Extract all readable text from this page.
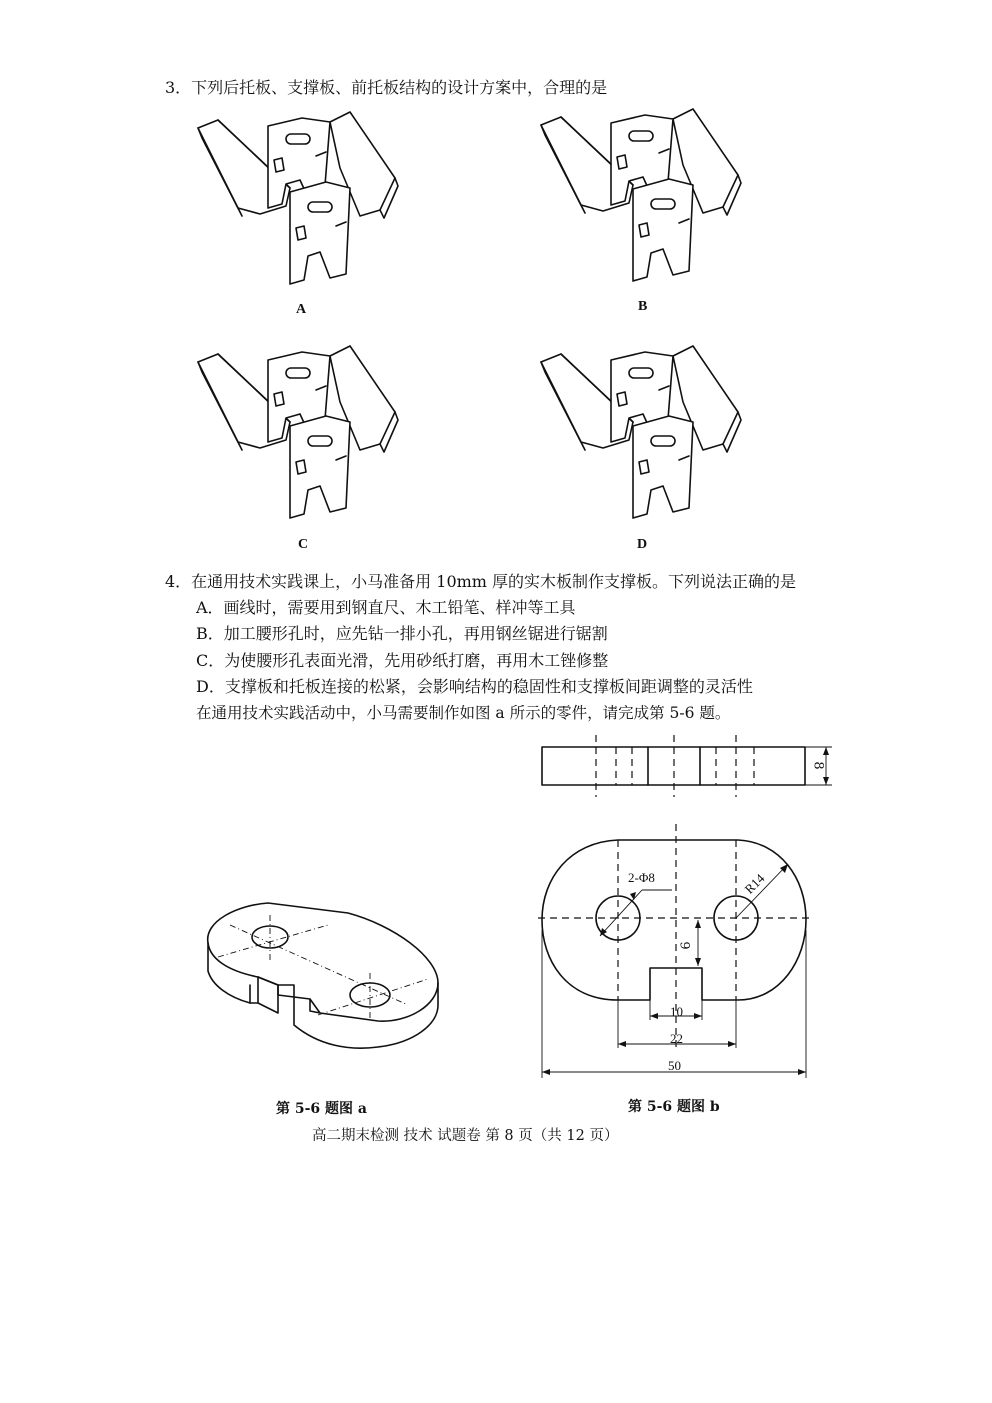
3．下列后托板、支撑板、前托板结构的设计方案中，合理的是
A	B
C	D
4．在通用技术实践课上，小马准备用 10mm 厚的实木板制作支撑板。下列说法正确的是
A．画线时，需要用到钢直尺、木工铅笔、样冲等工具
B．加工腰形孔时，应先钻一排小孔，再用钢丝锯进行锯割
C．为使腰形孔表面光滑，先用砂纸打磨，再用木工锉修整
D．支撑板和托板连接的松紧，会影响结构的稳固性和支撑板间距调整的灵活性
在通用技术实践活动中，小马需要制作如图 a 所示的零件，请完成第 5-6 题。
8
2-Φ8	R14
9
10
22
50
第 5-6 题图 a	第 5-6 题图 b
高二期末检测 技术 试题卷 第 8 页（共 12 页）
